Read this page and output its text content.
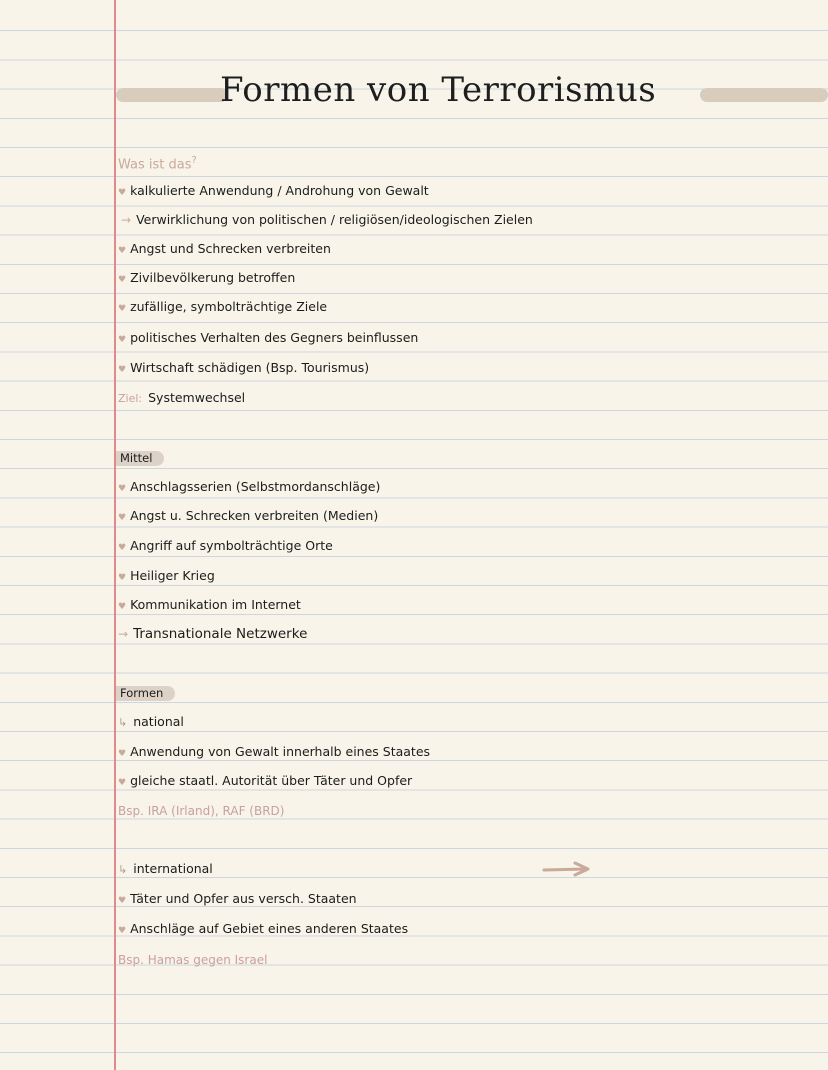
Formen von Terrorismus
Was ist das?
♥ kalkulierte Anwendung / Androhung von Gewalt
→ Verwirklichung von politischen / religiösen/ideologischen Zielen
♥ Angst und Schrecken verbreiten
♥ Zivilbevölkerung betroffen
♥ zufällige, symbolträchtige Ziele
♥ politisches Verhalten des Gegners beinflussen
♥ Wirtschaft schädigen (Bsp. Tourismus)
Ziel: Systemwechsel
Mittel
♥ Anschlagsserien (Selbstmordanschläge)
♥ Angst u. Schrecken verbreiten (Medien)
♥ Angriff auf symbolträchtige Orte
♥ Heiliger Krieg
♥ Kommunikation im Internet
→ Transnationale Netzwerke
Formen
↳ national
♥ Anwendung von Gewalt innerhalb eines Staates
♥ gleiche staatl. Autorität über Täter und Opfer
Bsp. IRA (Irland), RAF (BRD)
↳ international
♥ Täter und Opfer aus versch. Staaten
♥ Anschläge auf Gebiet eines anderen Staates
Bsp. Hamas gegen Israel
